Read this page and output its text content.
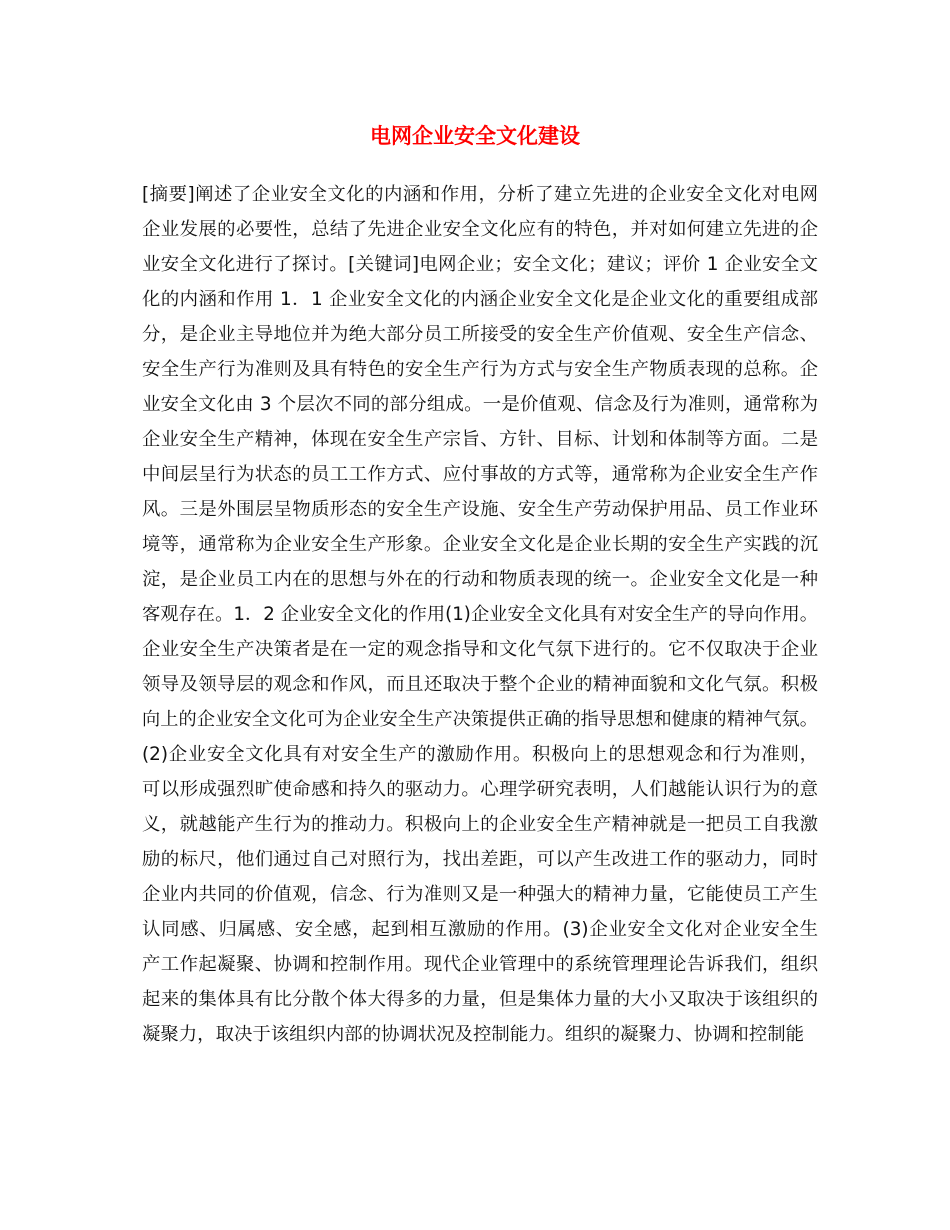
电网企业安全文化建设
[摘要]阐述了企业安全文化的内涵和作用，分析了建立先进的企业安全文化对电网
企业发展的必要性，总结了先进企业安全文化应有的特色，并对如何建立先进的企
业安全文化进行了探讨。[关键词]电网企业；安全文化；建议；评价 1 企业安全文
化的内涵和作用 1．1 企业安全文化的内涵企业安全文化是企业文化的重要组成部
分，是企业主导地位并为绝大部分员工所接受的安全生产价值观、安全生产信念、
安全生产行为准则及具有特色的安全生产行为方式与安全生产物质表现的总称。企
业安全文化由 3 个层次不同的部分组成。一是价值观、信念及行为准则，通常称为
企业安全生产精神，体现在安全生产宗旨、方针、目标、计划和体制等方面。二是
中间层呈行为状态的员工工作方式、应付事故的方式等，通常称为企业安全生产作
风。三是外围层呈物质形态的安全生产设施、安全生产劳动保护用品、员工作业环
境等，通常称为企业安全生产形象。企业安全文化是企业长期的安全生产实践的沉
淀，是企业员工内在的思想与外在的行动和物质表现的统一。企业安全文化是一种
客观存在。1．2 企业安全文化的作用(1)企业安全文化具有对安全生产的导向作用。
企业安全生产决策者是在一定的观念指导和文化气氛下进行的。它不仅取决于企业
领导及领导层的观念和作风，而且还取决于整个企业的精神面貌和文化气氛。积极
向上的企业安全文化可为企业安全生产决策提供正确的指导思想和健康的精神气氛。
(2)企业安全文化具有对安全生产的激励作用。积极向上的思想观念和行为准则，
可以形成强烈旷使命感和持久的驱动力。心理学研究表明，人们越能认识行为的意
义，就越能产生行为的推动力。积极向上的企业安全生产精神就是一把员工自我激
励的标尺，他们通过自己对照行为，找出差距，可以产生改进工作的驱动力，同时
企业内共同的价值观，信念、行为准则又是一种强大的精神力量，它能使员工产生
认同感、归属感、安全感，起到相互激励的作用。(3)企业安全文化对企业安全生
产工作起凝聚、协调和控制作用。现代企业管理中的系统管理理论告诉我们，组织
起来的集体具有比分散个体大得多的力量，但是集体力量的大小又取决于该组织的
凝聚力，取决于该组织内部的协调状况及控制能力。组织的凝聚力、协调和控制能
